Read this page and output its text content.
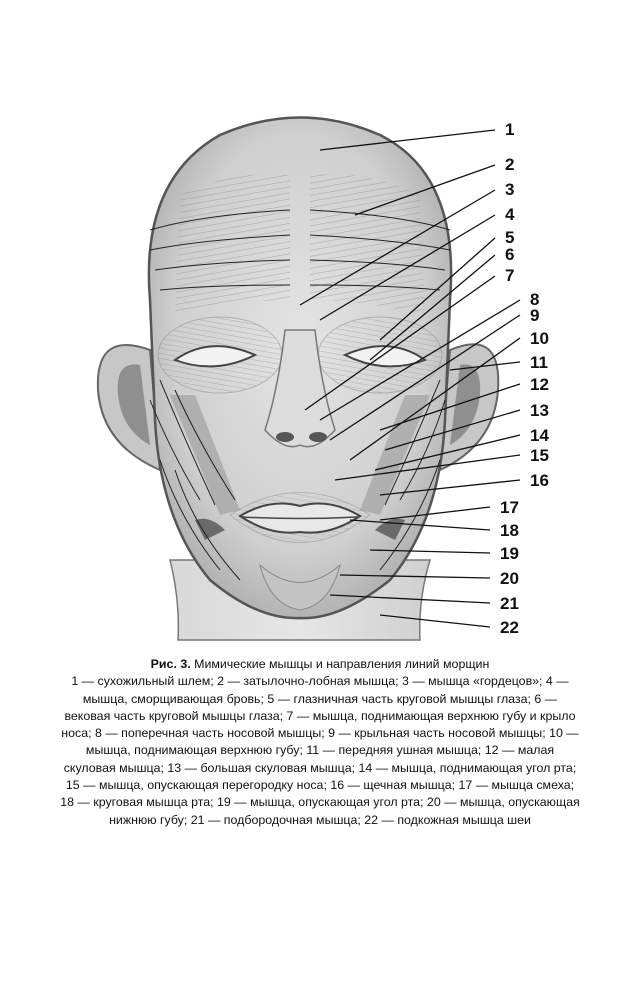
1
2
3
4
5
6
7
8
9
10
11
12
13
14
15
16
17
18
19
20
21
22
Рис. 3. Мимические мышцы и направления линий морщин
1 — сухожильный шлем; 2 — затылочно-лобная мышца; 3 — мышца «гордецов»; 4 — мышца, сморщивающая бровь; 5 — глазничная часть круговой мышцы глаза; 6 — вековая часть круговой мышцы глаза; 7 — мышца, поднимающая верхнюю губу и крыло носа; 8 — поперечная часть носовой мышцы; 9 — крыльная часть носовой мышцы; 10 — мышца, поднимающая верхнюю губу; 11 — передняя ушная мышца; 12 — малая скуловая мышца; 13 — большая скуловая мышца; 14 — мышца, поднимающая угол рта; 15 — мышца, опускающая перегородку носа; 16 — щечная мышца; 17 — мышца смеха; 18 — круговая мышца рта; 19 — мышца, опускающая угол рта; 20 — мышца, опускающая нижнюю губу; 21 — подбородочная мышца; 22 — подкожная мышца шеи
